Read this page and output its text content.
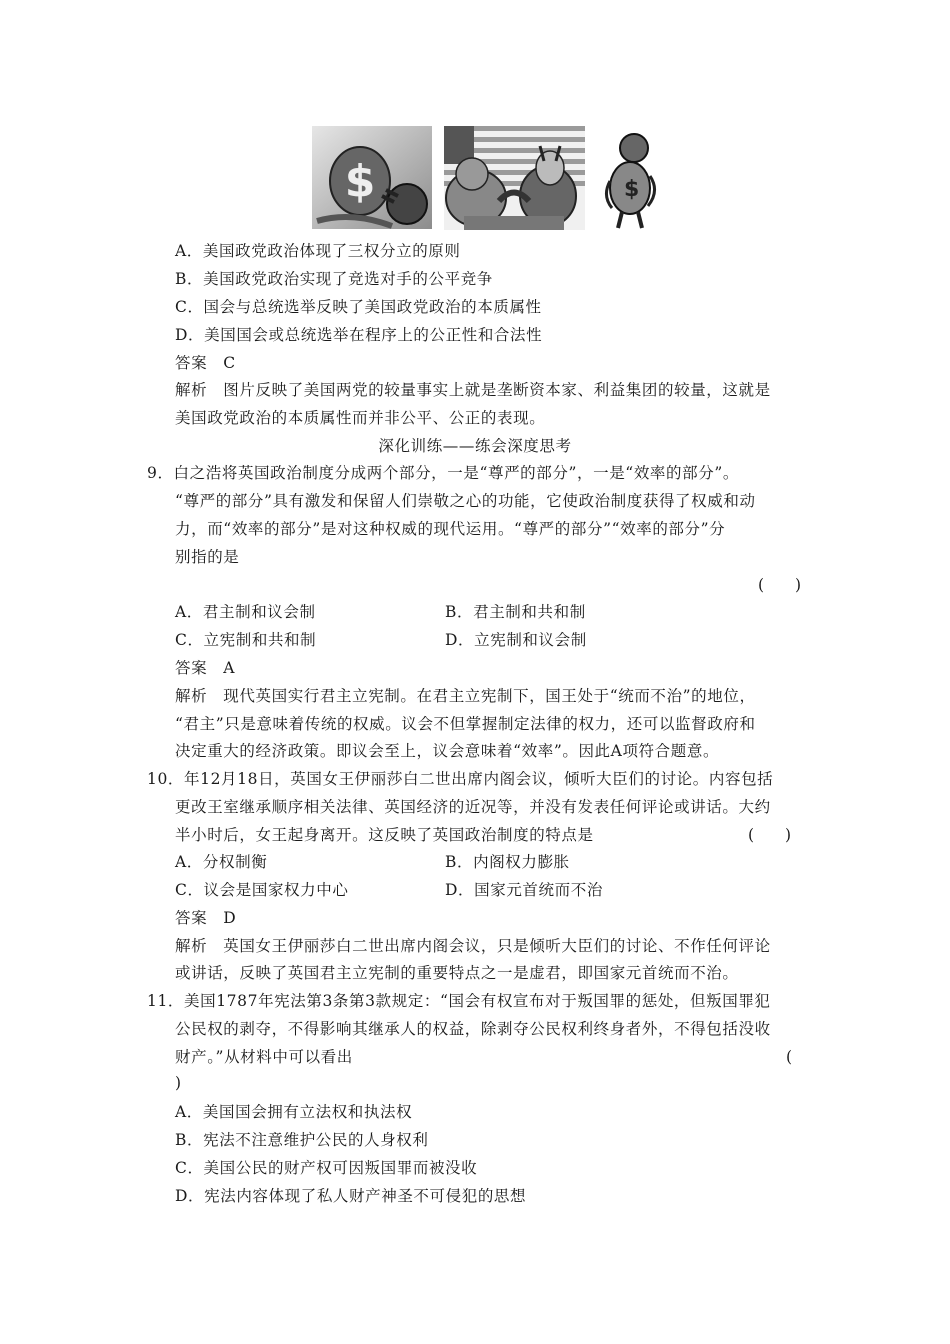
$	$
A．美国政党政治体现了三权分立的原则
B．美国政党政治实现了竞选对手的公平竞争
C．国会与总统选举反映了美国政党政治的本质属性
D．美国国会或总统选举在程序上的公正性和合法性
答案　C
解析　图片反映了美国两党的较量事实上就是垄断资本家、利益集团的较量，这就是
美国政党政治的本质属性而并非公平、公正的表现。
深化训练——练会深度思考
9．白之浩将英国政治制度分成两个部分，一是“尊严的部分”，一是“效率的部分”。
“尊严的部分”具有激发和保留人们崇敬之心的功能，它使政治制度获得了权威和动
力，而“效率的部分”是对这种权威的现代运用。“尊严的部分”“效率的部分”分
别指的是
(　　)
A．君主制和议会制	B．君主制和共和制
C．立宪制和共和制	D．立宪制和议会制
答案　A
解析　现代英国实行君主立宪制。在君主立宪制下，国王处于“统而不治”的地位，
“君主”只是意味着传统的权威。议会不但掌握制定法律的权力，还可以监督政府和
决定重大的经济政策。即议会至上，议会意味着“效率”。因此A项符合题意。
10．年12月18日，英国女王伊丽莎白二世出席内阁会议，倾听大臣们的讨论。内容包括
更改王室继承顺序相关法律、英国经济的近况等，并没有发表任何评论或讲话。大约
半小时后，女王起身离开。这反映了英国政治制度的特点是	(　　)
A．分权制衡	B．内阁权力膨胀
C．议会是国家权力中心	D．国家元首统而不治
答案　D
解析　英国女王伊丽莎白二世出席内阁会议，只是倾听大臣们的讨论、不作任何评论
或讲话，反映了英国君主立宪制的重要特点之一是虚君，即国家元首统而不治。
11．美国1787年宪法第3条第3款规定：“国会有权宣布对于叛国罪的惩处，但叛国罪犯
公民权的剥夺，不得影响其继承人的权益，除剥夺公民权利终身者外，不得包括没收
财产。”从材料中可以看出	(
)
A．美国国会拥有立法权和执法权
B．宪法不注意维护公民的人身权利
C．美国公民的财产权可因叛国罪而被没收
D．宪法内容体现了私人财产神圣不可侵犯的思想
